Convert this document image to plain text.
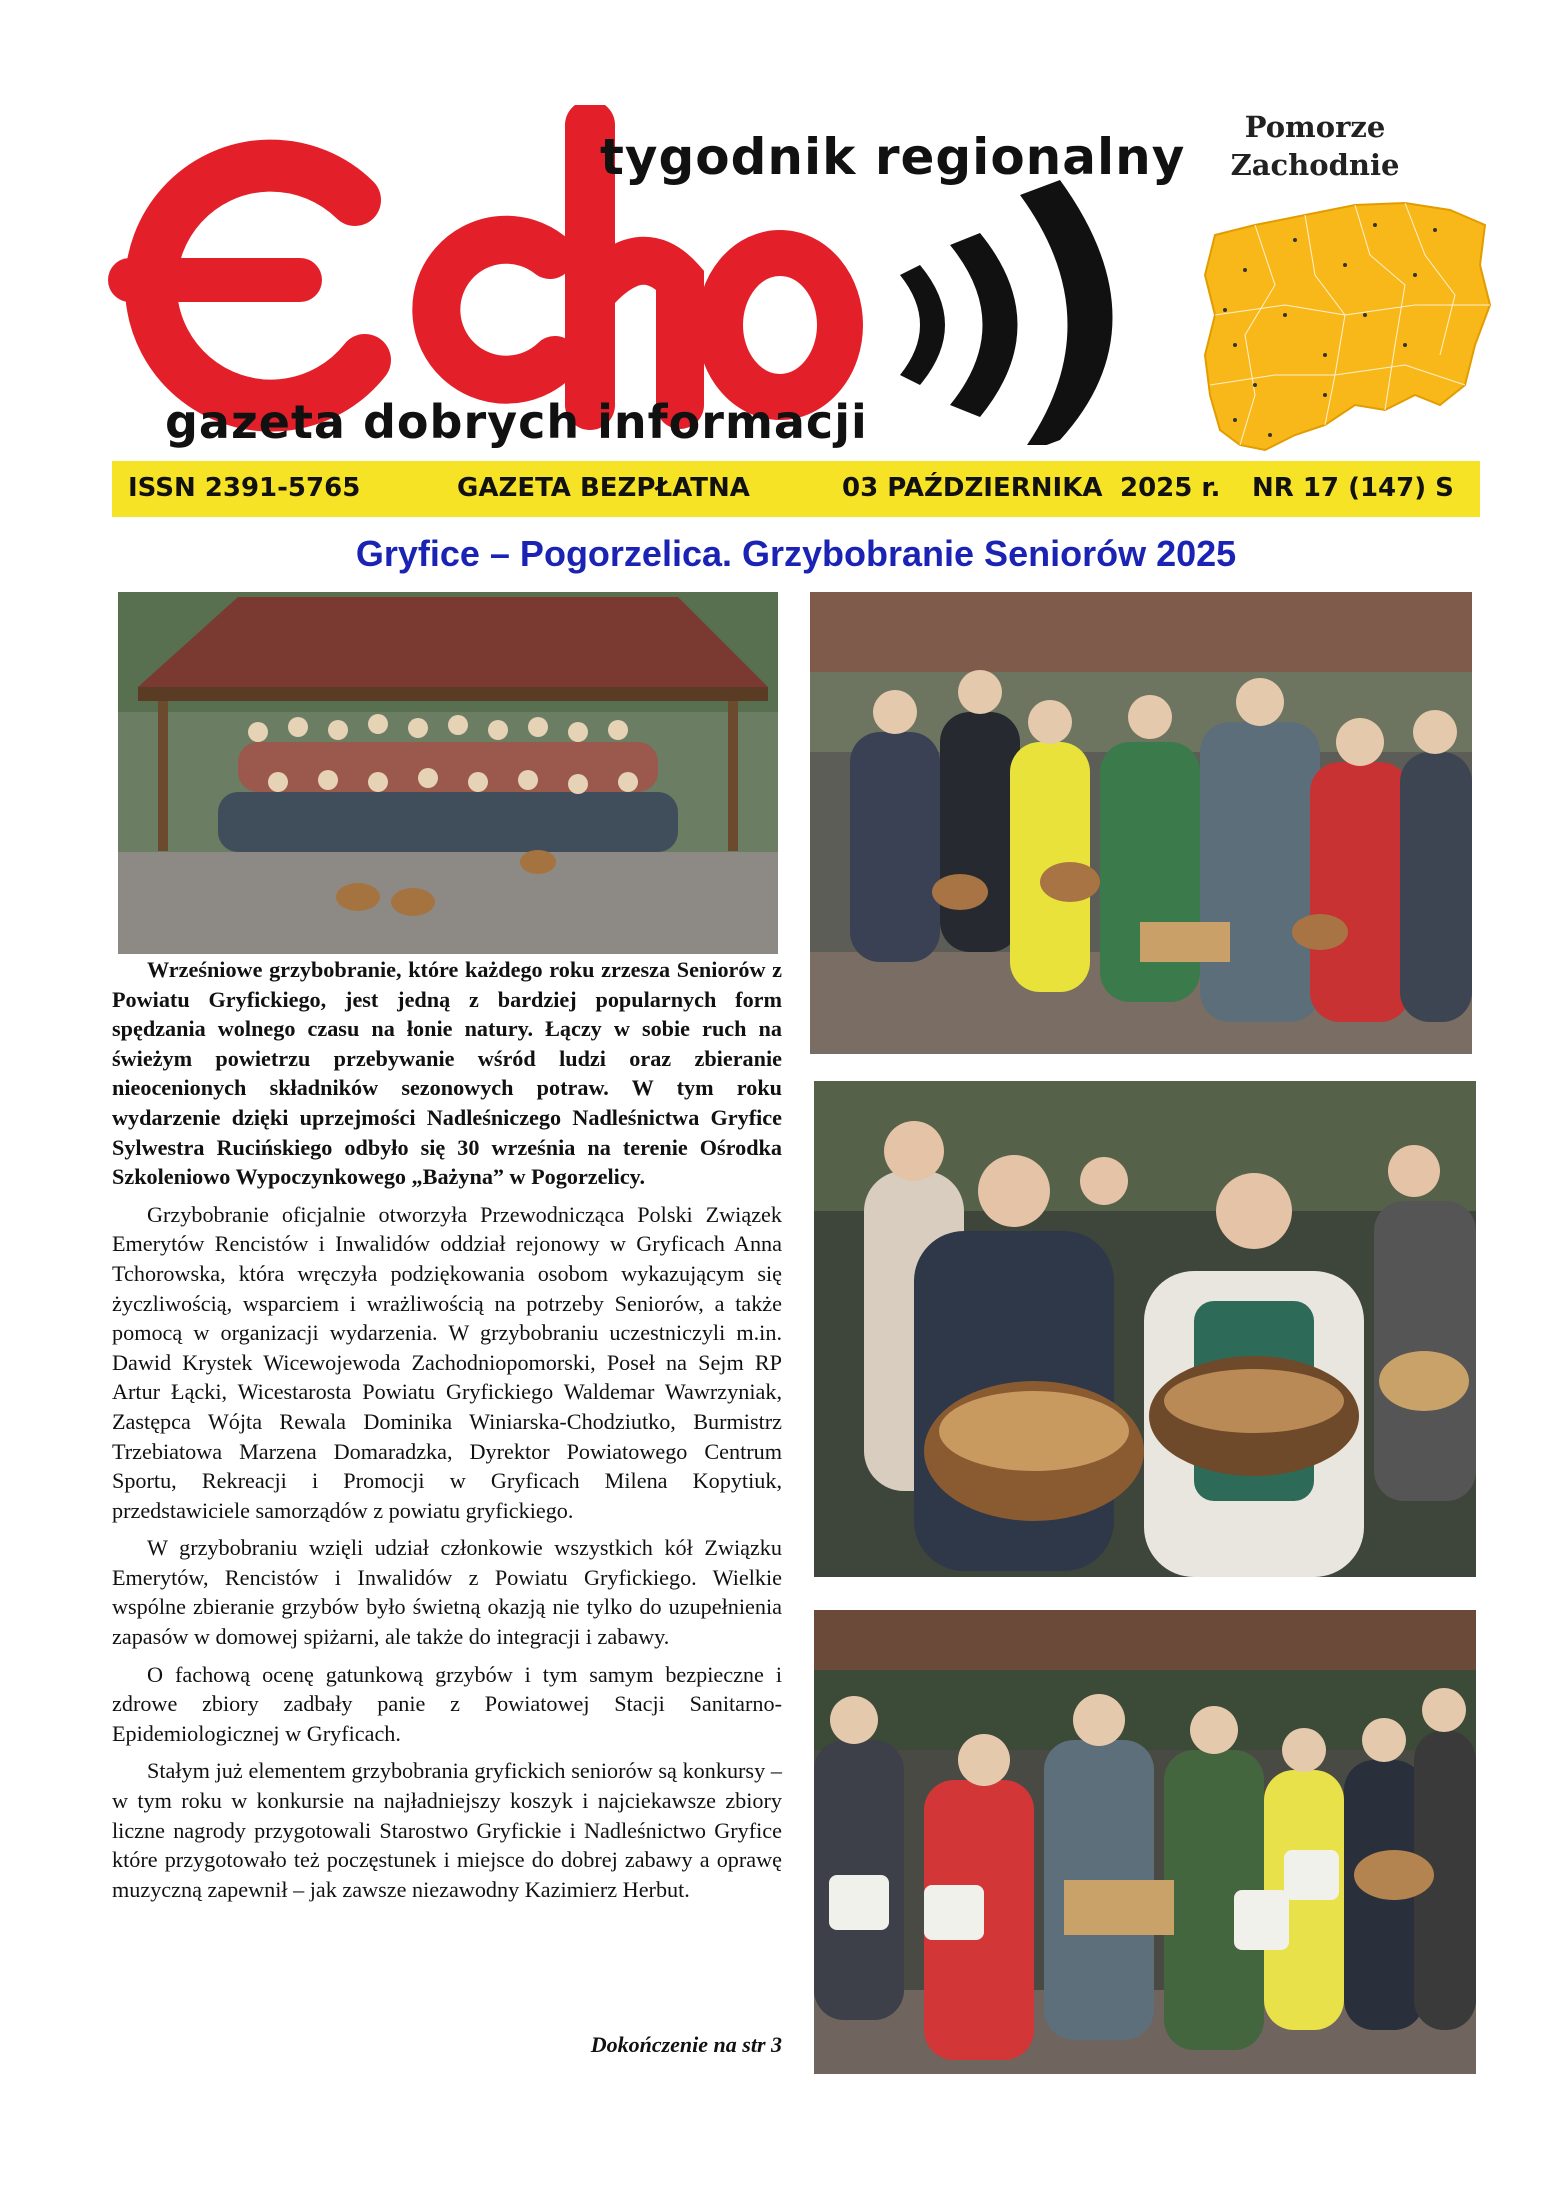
tygodnik regionalny
gazeta dobrych informacji
Pomorze
Zachodnie
ISSN 2391-5765	GAZETA BEZPŁATNA	03 PAŹDZIERNIKA 2025 r. NR 17 (147) S
Gryfice – Pogorzelica. Grzybobranie Seniorów 2025

Wrześniowe grzybobranie, które każdego roku zrzesza Seniorów z Powiatu Gryfickiego, jest jedną z bardziej popularnych form spędzania wolnego czasu na łonie natury. Łączy w sobie ruch na świeżym powietrzu przebywanie wśród ludzi oraz zbieranie nieocenionych składników sezonowych potraw. W tym roku wydarzenie dzięki uprzejmości Nadleśniczego Nadleśnictwa Gryfice Sylwestra Rucińskiego odbyło się 30 września na terenie Ośrodka Szkoleniowo Wypoczynkowego „Bażyna” w Pogorzelicy.

Grzybobranie oficjalnie otworzyła Przewodnicząca Polski Związek Emerytów Rencistów i Inwalidów oddział rejonowy w Gryficach Anna Tchorowska, która wręczyła podziękowania osobom wykazującym się życzliwością, wsparciem i wrażliwością na potrzeby Seniorów, a także pomocą w organizacji wydarzenia. W grzybobraniu uczestniczyli m.in. Dawid Krystek Wicewojewoda Zachodniopomorski, Poseł na Sejm RP Artur Łącki, Wicestarosta Powiatu Gryfickiego Waldemar Wawrzyniak, Zastępca Wójta Rewala Dominika Winiarska-Chodziutko, Burmistrz Trzebiatowa Marzena Domaradzka, Dyrektor Powiatowego Centrum Sportu, Rekreacji i Promocji w Gryficach Milena Kopytiuk, przedstawiciele samorządów z powiatu gryfickiego.

W grzybobraniu wzięli udział członkowie wszystkich kół Związku Emerytów, Rencistów i Inwalidów z Powiatu Gryfickiego. Wielkie wspólne zbieranie grzybów było świetną okazją nie tylko do uzupełnienia zapasów w domowej spiżarni, ale także do integracji i zabawy.

O fachową ocenę gatunkową grzybów i tym samym bezpieczne i zdrowe zbiory zadbały panie z Powiatowej Stacji Sanitarno-Epidemiologicznej w Gryficach.

Stałym już elementem grzybobrania gryfickich seniorów są konkursy – w tym roku w konkursie na najładniejszy koszyk i najciekawsze zbiory liczne nagrody przygotowali Starostwo Gryfickie i Nadleśnictwo Gryfice które przygotowało też poczęstunek i miejsce do dobrej zabawy a oprawę muzyczną zapewnił – jak zawsze niezawodny Kazimierz Herbut.

Dokończenie na str 3
